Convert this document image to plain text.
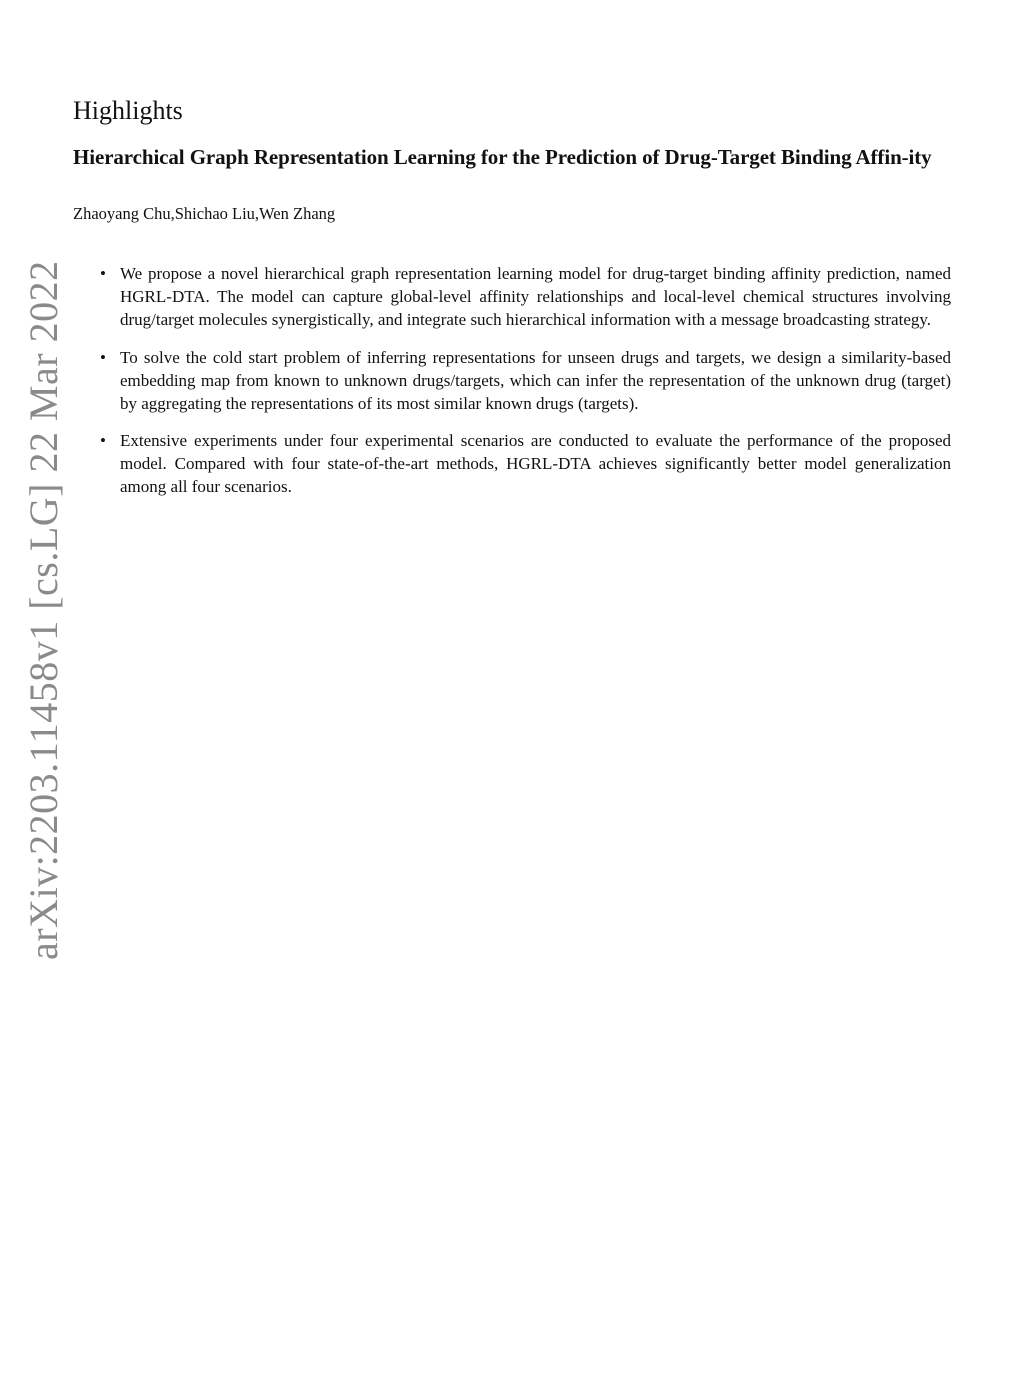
arXiv:2203.11458v1 [cs.LG] 22 Mar 2022
Highlights
Hierarchical Graph Representation Learning for the Prediction of Drug-Target Binding Affin-ity
Zhaoyang Chu,Shichao Liu,Wen Zhang
• We propose a novel hierarchical graph representation learning model for drug-target binding affinity prediction, named HGRL-DTA. The model can capture global-level affinity relationships and local-level chemical structures involving drug/target molecules synergistically, and integrate such hierarchical information with a message broadcasting strategy.
• To solve the cold start problem of inferring representations for unseen drugs and targets, we design a similarity-based embedding map from known to unknown drugs/targets, which can infer the representation of the unknown drug (target) by aggregating the representations of its most similar known drugs (targets).
• Extensive experiments under four experimental scenarios are conducted to evaluate the performance of the proposed model. Compared with four state-of-the-art methods, HGRL-DTA achieves significantly better model generalization among all four scenarios.
